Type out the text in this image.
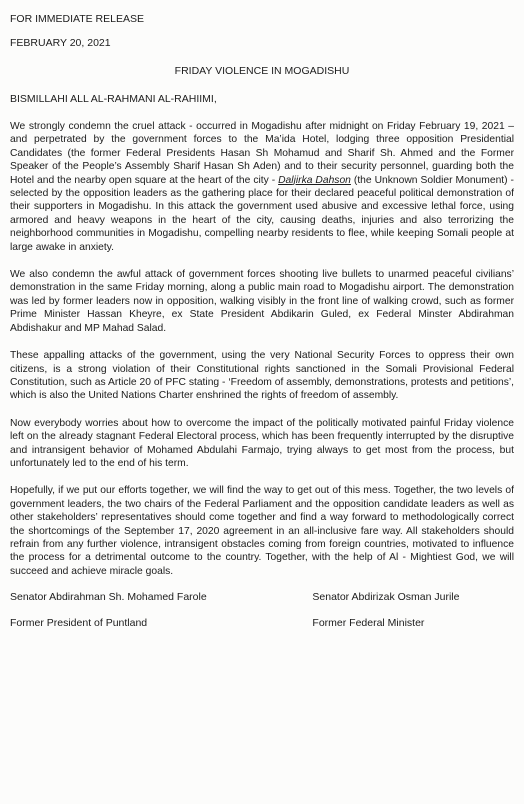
FOR IMMEDIATE RELEASE
FEBRUARY 20, 2021
FRIDAY VIOLENCE IN MOGADISHU
BISMILLAHI ALL AL-RAHMANI AL-RAHIIMI,
We strongly condemn the cruel attack - occurred in Mogadishu after midnight on Friday February 19, 2021 – and perpetrated by the government forces to the Ma’ida Hotel, lodging three opposition Presidential Candidates (the former Federal Presidents Hasan Sh Mohamud and Sharif Sh. Ahmed and the Former Speaker of the People’s Assembly Sharif Hasan Sh Aden) and to their security personnel, guarding both the Hotel and the nearby open square at the heart of the city - Daljirka Dahson (the Unknown Soldier Monument) - selected by the opposition leaders as the gathering place for their declared peaceful political demonstration of their supporters in Mogadishu. In this attack the government used abusive and excessive lethal force, using armored and heavy weapons in the heart of the city, causing deaths, injuries and also terrorizing the neighborhood communities in Mogadishu, compelling nearby residents to flee, while keeping Somali people at large awake in anxiety.
We also condemn the awful attack of government forces shooting live bullets to unarmed peaceful civilians’ demonstration in the same Friday morning, along a public main road to Mogadishu airport. The demonstration was led by former leaders now in opposition, walking visibly in the front line of walking crowd, such as former Prime Minister Hassan Kheyre, ex State President Abdikarin Guled, ex Federal Minster Abdirahman Abdishakur and MP Mahad Salad.
These appalling attacks of the government, using the very National Security Forces to oppress their own citizens, is a strong violation of their Constitutional rights sanctioned in the Somali Provisional Federal Constitution, such as Article 20 of PFC stating - ‘Freedom of assembly, demonstrations, protests and petitions’, which is also the United Nations Charter enshrined the rights of freedom of assembly.
Now everybody worries about how to overcome the impact of the politically motivated painful Friday violence left on the already stagnant Federal Electoral process, which has been frequently interrupted by the disruptive and intransigent behavior of Mohamed Abdulahi Farmajo, trying always to get most from the process, but unfortunately led to the end of his term.
Hopefully, if we put our efforts together, we will find the way to get out of this mess. Together, the two levels of government leaders, the two chairs of the Federal Parliament and the opposition candidate leaders as well as other stakeholders’ representatives should come together and find a way forward to methodologically correct the shortcomings of the September 17, 2020 agreement in an all-inclusive fare way. All stakeholders should refrain from any further violence, intransigent obstacles coming from foreign countries, motivated to influence the process for a detrimental outcome to the country. Together, with the help of Al - Mightiest God, we will succeed and achieve miracle goals.
Senator Abdirahman Sh. Mohamed Farole	Senator Abdirizak Osman Jurile
Former President of Puntland	Former Federal Minister
